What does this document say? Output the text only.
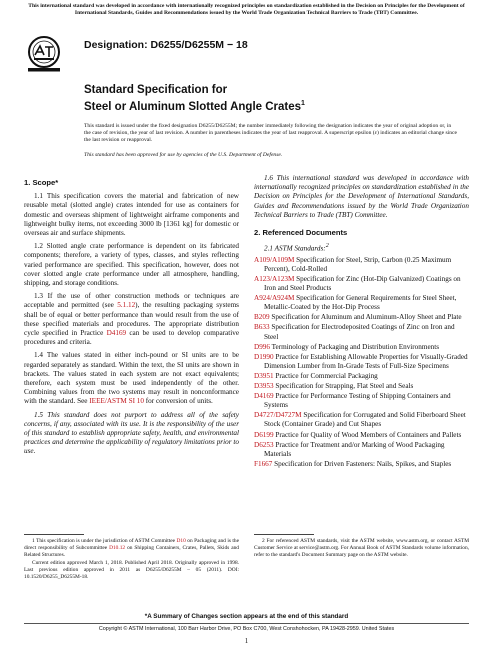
This international standard was developed in accordance with internationally recognized principles on standardization established in the Decision on Principles for the Development of International Standards, Guides and Recommendations issued by the World Trade Organization Technical Barriers to Trade (TBT) Committee.
Designation: D6255/D6255M − 18
Standard Specification for
Steel or Aluminum Slotted Angle Crates$^1$
This standard is issued under the fixed designation D6255/D6255M; the number immediately following the designation indicates the year of original adoption or, in the case of revision, the year of last revision. A number in parentheses indicates the year of last reapproval. A superscript epsilon (ε) indicates an editorial change since the last revision or reapproval.
This standard has been approved for use by agencies of the U.S. Department of Defense.
1. Scope*

1.1 This specification covers the material and fabrication of new reusable metal (slotted angle) crates intended for use as containers for domestic and overseas shipment of lightweight airframe components and lightweight bulky items, not exceeding 3000 lb [1361 kg] for domestic or overseas air and surface shipments.

1.2 Slotted angle crate performance is dependent on its fabricated components; therefore, a variety of types, classes, and styles reflecting varied performance are specified. This specification, however, does not cover slotted angle crate performance under all atmosphere, handling, shipping, and storage conditions.

1.3 If the use of other construction methods or techniques are acceptable and permitted (see 5.1.12), the resulting packaging systems shall be of equal or better performance than would result from the use of these specified materials and procedures. The appropriate distribution cycle specified in Practice D4169 can be used to develop comparative procedures and criteria.

1.4 The values stated in either inch-pound or SI units are to be regarded separately as standard. Within the text, the SI units are shown in brackets. The values stated in each system are not exact equivalents; therefore, each system must be used independently of the other. Combining values from the two systems may result in nonconformance with the standard. See IEEE/ASTM SI 10 for conversion of units.

1.5 This standard does not purport to address all of the safety concerns, if any, associated with its use. It is the responsibility of the user of this standard to establish appropriate safety, health, and environmental practices and determine the applicability of regulatory limitations prior to use.

1.6 This international standard was developed in accordance with internationally recognized principles on standardization established in the Decision on Principles for the Development of International Standards, Guides and Recommendations issued by the World Trade Organization Technical Barriers to Trade (TBT) Committee.

2. Referenced Documents
2.1 ASTM Standards:$^2$
A109/A109M Specification for Steel, Strip, Carbon (0.25 Maximum Percent), Cold-Rolled
A123/A123M Specification for Zinc (Hot-Dip Galvanized) Coatings on Iron and Steel Products
A924/A924M Specification for General Requirements for Steel Sheet, Metallic-Coated by the Hot-Dip Process
B209 Specification for Aluminum and Aluminum-Alloy Sheet and Plate
B633 Specification for Electrodeposited Coatings of Zinc on Iron and Steel
D996 Terminology of Packaging and Distribution Environments
D1990 Practice for Establishing Allowable Properties for Visually-Graded Dimension Lumber from In-Grade Tests of Full-Size Specimens
D3951 Practice for Commercial Packaging
D3953 Specification for Strapping, Flat Steel and Seals
D4169 Practice for Performance Testing of Shipping Containers and Systems
D4727/D4727M Specification for Corrugated and Solid Fiberboard Sheet Stock (Container Grade) and Cut Shapes
D6199 Practice for Quality of Wood Members of Containers and Pallets
D6253 Practice for Treatment and/or Marking of Wood Packaging Materials
F1667 Specification for Driven Fasteners: Nails, Spikes, and Staples

1 This specification is under the jurisdiction of ASTM Committee D10 on Packaging and is the direct responsibility of Subcommittee D10.12 on Shipping Containers, Crates, Pallets, Skids and Related Structures.

Current edition approved March 1, 2018. Published April 2018. Originally approved in 1998. Last previous edition approved in 2011 as D6255/D6255M – 05 (2011). DOI: 10.1520/D6255_D6255M-18.

2 For referenced ASTM standards, visit the ASTM website, www.astm.org, or contact ASTM Customer Service at service@astm.org. For Annual Book of ASTM Standards volume information, refer to the standard's Document Summary page on the ASTM website.

*A Summary of Changes section appears at the end of this standard
Copyright © ASTM International, 100 Barr Harbor Drive, PO Box C700, West Conshohocken, PA 19428-2959. United States
1
